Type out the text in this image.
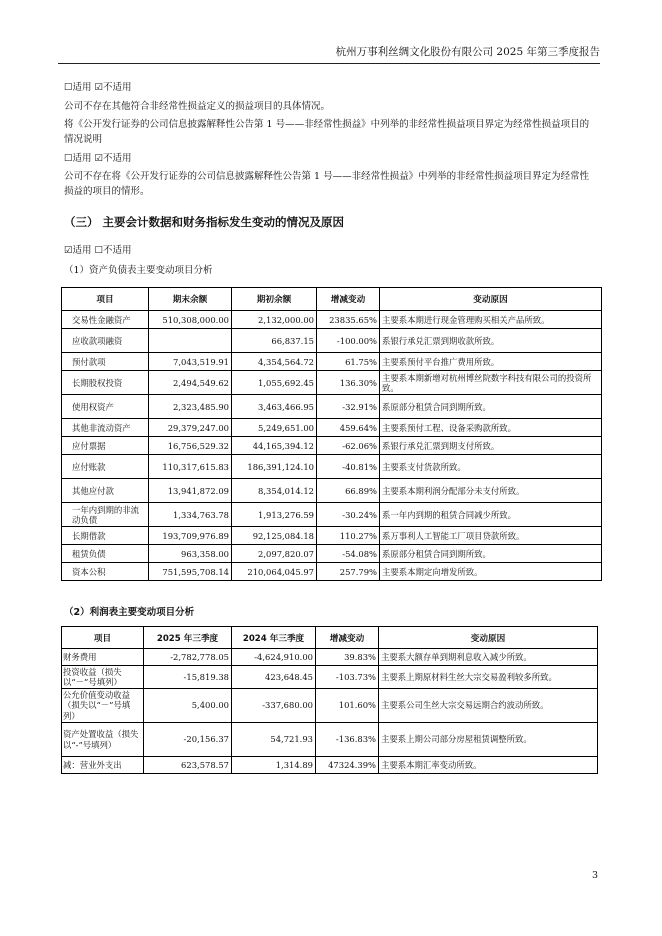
杭州万事利丝绸文化股份有限公司 2025 年第三季度报告
☐适用 ☑不适用
公司不存在其他符合非经常性损益定义的损益项目的具体情况。
将《公开发行证券的公司信息披露解释性公告第 1 号——非经常性损益》中列举的非经常性损益项目界定为经常性损益项目的情况说明
☐适用 ☑不适用
公司不存在将《公开发行证券的公司信息披露解释性公告第 1 号——非经常性损益》中列举的非经常性损益项目界定为经常性损益的项目的情形。
（三） 主要会计数据和财务指标发生变动的情况及原因
☑适用 ☐不适用
（1）资产负债表主要变动项目分析
项目	期末余额	期初余额	增减变动	变动原因
交易性金融资产	510,308,000.00	2,132,000.00	23835.65%	主要系本期进行现金管理购买相关产品所致。
应收款项融资		66,837.15	-100.00%	系银行承兑汇票到期收款所致。
预付款项	7,043,519.91	4,354,564.72	61.75%	主要系预付平台推广费用所致。
长期股权投资	2,494,549.62	1,055,692.45	136.30%	主要系本期新增对杭州博丝院数字科技有限公司的投资所致。
使用权资产	2,323,485.90	3,463,466.95	-32.91%	系原部分租赁合同到期所致。
其他非流动资产	29,379,247.00	5,249,651.00	459.64%	主要系预付工程、设备采购款所致。
应付票据	16,756,529.32	44,165,394.12	-62.06%	系银行承兑汇票到期支付所致。
应付账款	110,317,615.83	186,391,124.10	-40.81%	主要系支付货款所致。
其他应付款	13,941,872.09	8,354,014.12	66.89%	主要系本期利润分配部分未支付所致。
一年内到期的非流动负债	1,334,763.78	1,913,276.59	-30.24%	系一年内到期的租赁合同减少所致。
长期借款	193,709,976.89	92,125,084.18	110.27%	系万事利人工智能工厂项目贷款所致。
租赁负债	963,358.00	2,097,820.07	-54.08%	系原部分租赁合同到期所致。
资本公积	751,595,708.14	210,064,045.97	257.79%	主要系本期定向增发所致。
（2）利润表主要变动项目分析
项目	2025 年三季度	2024 年三季度	增减变动	变动原因
财务费用	-2,782,778.05	-4,624,910.00	39.83%	主要系大额存单到期利息收入减少所致。
投资收益（损失以“－”号填列）	-15,819.38	423,648.45	-103.73%	主要系上期原材料生丝大宗交易盈利较多所致。
公允价值变动收益（损失以“－”号填列）	5,400.00	-337,680.00	101.60%	主要系公司生丝大宗交易远期合约波动所致。
资产处置收益（损失以“-”号填列）	-20,156.37	54,721.93	-136.83%	主要系上期公司部分房屋租赁调整所致。
减：营业外支出	623,578.57	1,314.89	47324.39%	主要系本期汇率变动所致。
3
